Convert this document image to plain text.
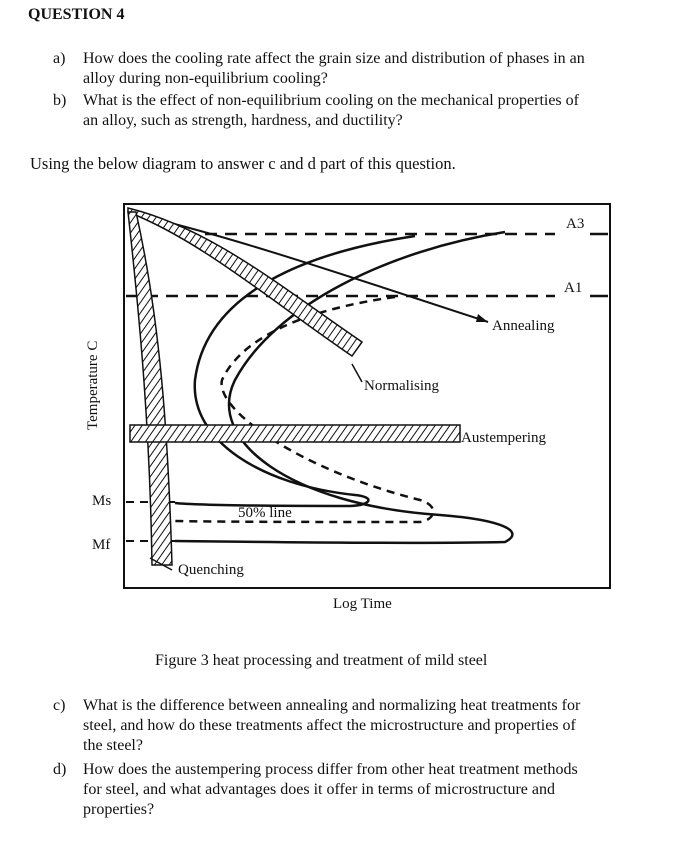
QUESTION 4
a) How does the cooling rate affect the grain size and distribution of phases in an
alloy during non-equilibrium cooling?
b) What is the effect of non-equilibrium cooling on the mechanical properties of
an alloy, such as strength, hardness, and ductility?
Using the below diagram to answer c and d part of this question.
A3
A1
Ms
Mf
Annealing
Normalising
Austempering
50% line
Quenching
Log Time
Temperature C
Figure 3 heat processing and treatment of mild steel
c) What is the difference between annealing and normalizing heat treatments for
steel, and how do these treatments affect the microstructure and properties of
the steel?
d) How does the austempering process differ from other heat treatment methods
for steel, and what advantages does it offer in terms of microstructure and
properties?
